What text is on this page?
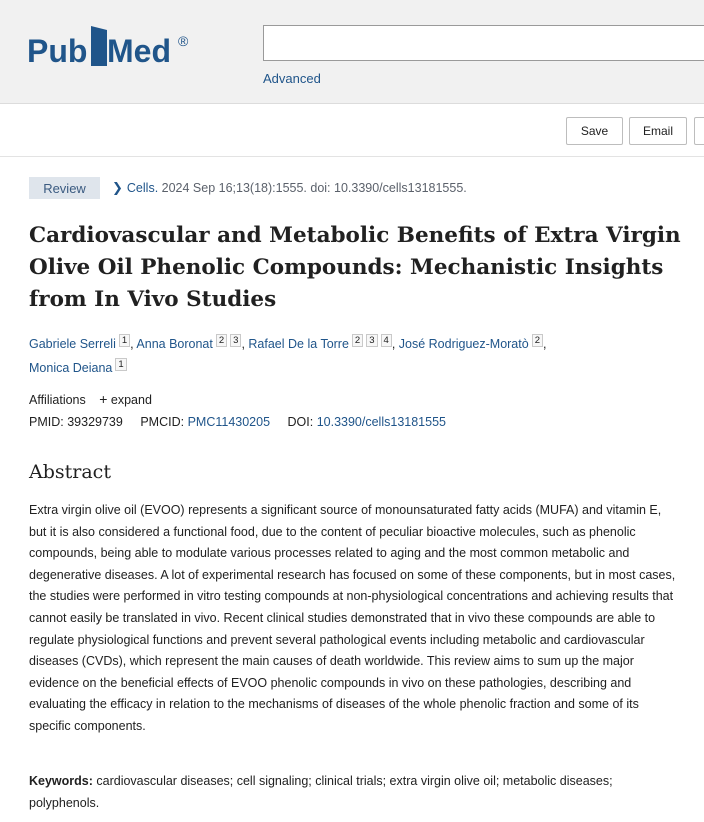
Pub Med ®
Advanced
Save	Email
Review	❯ Cells. 2024 Sep 16;13(18):1555. doi: 10.3390/cells13181555.
Cardiovascular and Metabolic Benefits of Extra Virgin Olive Oil Phenolic Compounds: Mechanistic Insights from In Vivo Studies
Gabriele Serreli $^1$ , Anna Boronat $^2$ $^3$ , Rafael De la Torre $^2$ $^3$ $^4$ , José Rodriguez-Moratò $^2$ ,
Monica Deiana $^1$
Affiliations + expand
PMID: 39329739 PMCID: PMC11430205 DOI: 10.3390/cells13181555
Abstract

Extra virgin olive oil (EVOO) represents a significant source of monounsaturated fatty acids (MUFA) and vitamin E, but it is also considered a functional food, due to the content of peculiar bioactive molecules, such as phenolic compounds, being able to modulate various processes related to aging and the most common metabolic and degenerative diseases. A lot of experimental research has focused on some of these components, but in most cases, the studies were performed in vitro testing compounds at non-physiological concentrations and achieving results that cannot easily be translated in vivo. Recent clinical studies demonstrated that in vivo these compounds are able to regulate physiological functions and prevent several pathological events including metabolic and cardiovascular diseases (CVDs), which represent the main causes of death worldwide. This review aims to sum up the major evidence on the beneficial effects of EVOO phenolic compounds in vivo on these pathologies, describing and evaluating the efficacy in relation to the mechanisms of diseases of the whole phenolic fraction and some of its specific components.

Keywords: cardiovascular diseases; cell signaling; clinical trials; extra virgin olive oil; metabolic diseases; polyphenols.
